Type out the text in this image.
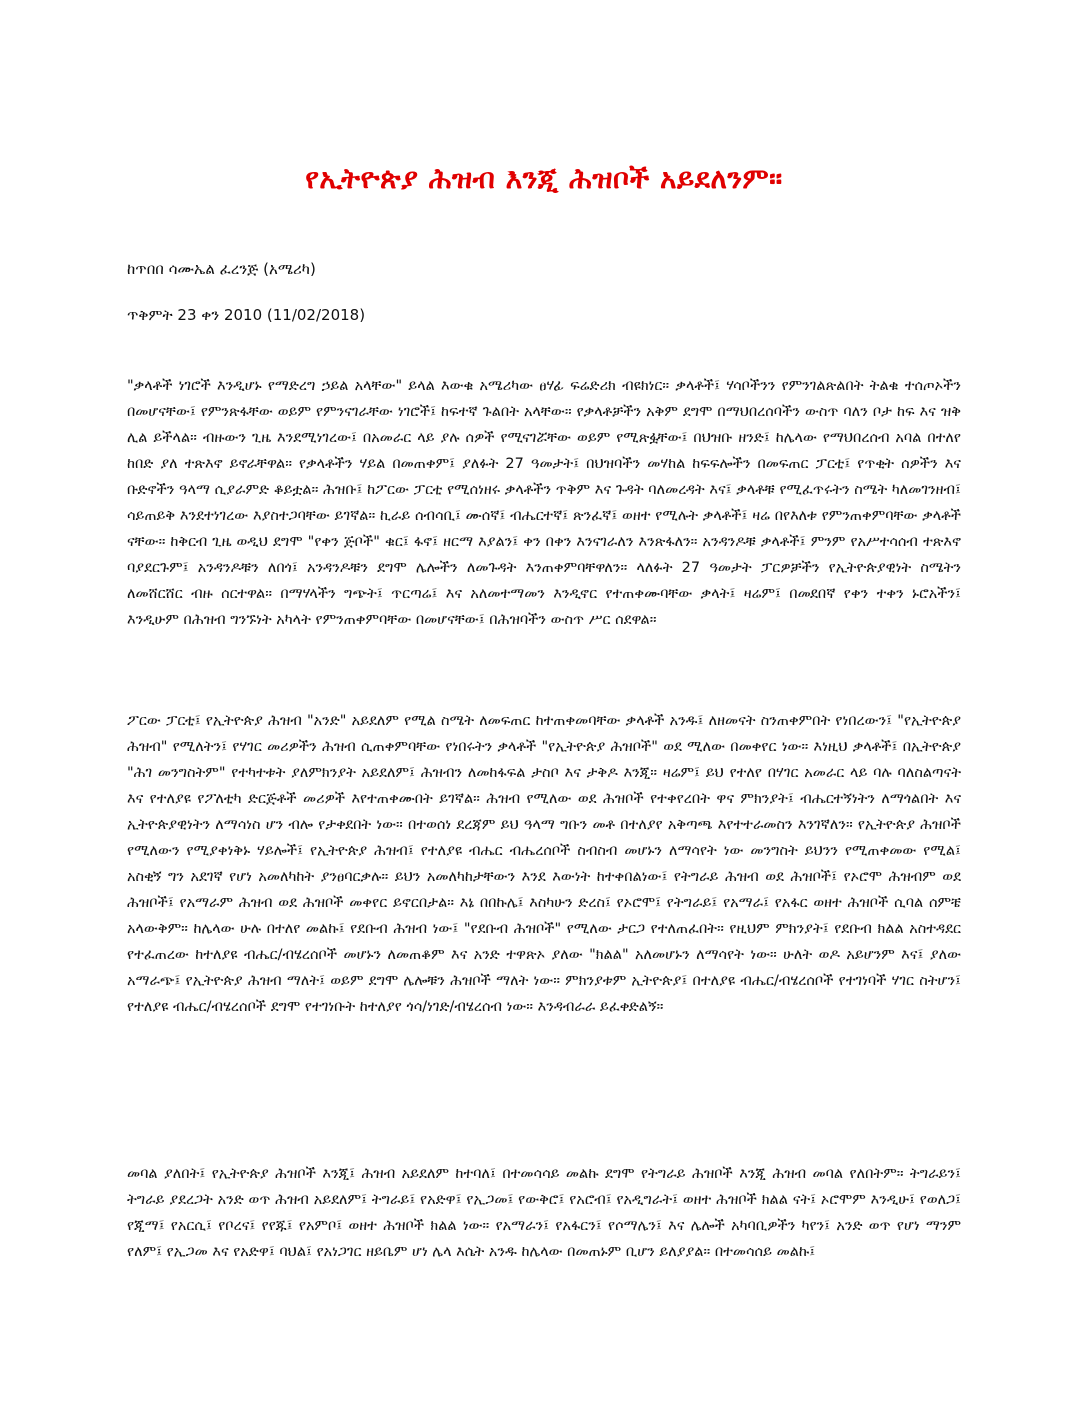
የኢትዮጵያ ሕዝብ እንጂ ሕዝቦች አይደለንም።
ከጥበበ ሳሙኤል ፈረንጅ (አሜሪካ)
ጥቅምት 23 ቀን 2010 (11/02/2018)

"ቃላቶች ነገሮች እንዲሆኑ የማድረግ ኃይል አላቸው" ይላል እውቁ አሜሪካው ፀሃፊ ፍሬድሪክ ብዩክነር። ቃላቶች፤ ሃሳቦችንን የምንገልጽልበት ትልቁ ተሰጦኦችን በመሆናቸው፤ የምንጽፋቸው ወይም የምንናገራቸው ነገሮች፤ ከፍተኛ ጉልበት አላቸው። የቃላቶቻችን አቅም ደግሞ በማህበረሰባችን ውስጥ ባለን ቦታ ከፍ እና ዝቅ ሊል ይችላል። ብዙውን ጊዜ እንደሚነገረው፤ በአመራር ላይ ያሉ ሰዎች የሚናገሯቸው ወይም የሚጽፏቸው፤ በህዝቡ ዘንድ፤ ከሌላው የማህበረሰብ አባል በተለየ ከበድ ያለ ተጽእኖ ይኖራቸዋል። የቃላቶችን ሃይል በመጠቀም፤ ያለፉት 27 ዓመታት፤ በህዝባችን መሃከል ከፍፍሎችን በመፍጠር ፓርቲ፤ የጥቂት ሰዎችን እና ቡድኖችን ዓላማ ሲያራምድ ቆይቷል። ሕዝቡ፤ ከፖርው ፓርቲ የሚሰነዘሩ ቃላቶችን ጥቅም እና ጉዳት ባለመረዳት እና፤ ቃላቶቹ የሚፈጥሩትን ስሜት ካለመገንዘብ፤ ሳይጠይቅ እንደተነገረው እያስተጋባቸው ይገኛል። ኪራይ ሰብሳቢ፤ ሙሰኛ፤ ብሔርተኛ፤ ጽንፈኛ፤ ወዘተ የሚሉት ቃላቶች፤ ዛሬ በየእለቱ የምንጠቀምባቸው ቃላቶች ናቸው። ከቅርብ ጊዜ ወዲህ ደግሞ "የቀን ጅቦች" ቁር፤ ፋኖ፤ ዘርማ እያልን፤ ቀን በቀን እንናገራለን እንጽፋለን። አንዳንዶቹ ቃላቶች፤ ምንም የአሥተሳሰብ ተጽእኖ ባያደርጉም፤ አንዳንዶቹን ለበጎ፤ አንዳንዶቹን ደግሞ ሌሎችን ለመጉዳት እንጠቀምባቸዋለን። ላለፉት 27 ዓመታት ፓርዎቻችን የኢትዮጵያዊነት ስሜትን ለመሸርሸር ብዙ ሰርተዋል። በማሃላችን ግጭት፤ ጥርጣሬ፤ እና አለመተማመን እንዲኖር የተጠቀሙባቸው ቃላት፤ ዛሬም፤ በመደበኛ የቀን ተቀን ኑሮአችን፤ እንዲሁም በሕዝብ ግንኙነት አካላት የምንጠቀምባቸው በመሆናቸው፤ በሕዝባችን ውስጥ ሥር ሰደዋል።

ፖርው ፓርቲ፤ የኢትዮጵያ ሕዝብ "አንድ" አይደለም የሚል ስሜት ለመፍጠር ከተጠቀመባቸው ቃላቶች አንዱ፤ ለዘመናት ስንጠቀምበት የነበረውን፤ "የኢትዮጵያ ሕዝብ" የሚለትን፤ የሃገር መሪዎችን ሕዝብ ሲጠቀምባቸው የነበሩትን ቃላቶች "የኢትዮጵያ ሕዝቦች" ወደ ሚለው በመቀየር ነው። እነዚህ ቃላቶች፤ በኢትዮጵያ "ሕገ መንግስትም" የተካተቱት ያለምክንያት አይደለም፤ ሕዝብን ለመከፋፍል ታስቦ እና ታቅዶ እንጂ። ዛሬም፤ ይህ የተለየ በሃገር አመራር ላይ ባሉ ባለስልጣናት እና የተለያዩ የፖለቲካ ድርጅቶች መሪዎች እየተጠቀሙበት ይገኛል። ሕዝብ የሚለው ወደ ሕዝቦች የተቀየረበት ዋና ምክንያት፤ ብሔርተኝነትን ለማጎልበት እና ኢትዮጵያዊነትን ለማሳነስ ሆን ብሎ የታቀደበት ነው። በተወሰነ ደረጃም ይህ ዓላማ ግቡን መቶ በተለያየ አቅጣጫ እየተተራመስን እንገኛለን። የኢትዮጵያ ሕዝቦች የሚለውን የሚያቀነቅኑ ሃይሎች፤ የኢትዮጵያ ሕዝብ፤ የተለያዩ ብሔር ብሔረሰቦች ስብስብ መሆኑን ለማሳየት ነው መንግስት ይህንን የሚጠቀመው የሚል፤ አስቂኝ ግን አደገኛ የሆነ አመለካከት ያንፀባርቃሉ። ይህን አመለካከታቸውን እንደ እውነት ከተቀበልነው፤ የትግራይ ሕዝብ ወደ ሕዝቦች፤ የኦሮሞ ሕዝብም ወደ ሕዝቦች፤ የአማራም ሕዝብ ወደ ሕዝቦች መቀየር ይኖርበታል። እኔ በበኩሌ፤ እስካሁን ድረስ፤ የኦሮሞ፤ የትግራይ፤ የአማራ፤ የአፋር ወዘተ ሕዝቦች ሲባል ሰምቼ አላውቅም። ከሌላው ሁሉ በተለየ መልኩ፤ የደቡብ ሕዝብ ነው፤ "የደቡብ ሕዝቦች" የሚለው ታርጋ የተለጠፈበት። የዚህም ምክንያት፤ የደቡብ ክልል አስተዳደር የተፈጠረው ከተለያዩ ብሔር/ብሄረሰቦች መሆኑን ለመጠቆም እና አንድ ተዋጽኦ ያለው "ክልል" አለመሆኑን ለማሳየት ነው። ሁለት ወዶ አይሆንም እና፤ ያለው አማራጭ፤ የኢትዮጵያ ሕዝብ ማለት፤ ወይም ደግሞ ሌሎቹን ሕዝቦች ማለት ነው። ምክንያቱም ኢትዮጵያ፤ በተለያዩ ብሔር/ብሄረሰቦች የተገነባች ሃገር ስትሆን፤ የተለያዩ ብሔር/ብሄረሰቦች ደግሞ የተገነቡት ከተለያየ ጎሳ/ነገድ/ብሄረሰብ ነው። እንዳብራራ ይፈቀድልኝ።

መባል ያለበት፤ የኢትዮጵያ ሕዝቦች እንጂ፤ ሕዝብ አይደለም ከተባለ፤ በተመሳሳይ መልኩ ደግሞ የትግራይ ሕዝቦች እንጂ ሕዝብ መባል የለበትም። ትግራይን፤ ትግራይ ያደረጋት አንድ ወጥ ሕዝብ አይደለም፤ ትግራይ፤ የአድዋ፤ የኢጋመ፤ የውቅሮ፤ የአሮብ፤ የአዲግራት፤ ወዘተ ሕዝቦች ክልል ናት፤ ኦሮሞም እንዲሁ፤ የወለጋ፤ የጂማ፤ የአርሲ፤ የቦረና፤ የየጁ፤ የአምቦ፤ ወዘተ ሕዝቦች ክልል ነው። የአማራን፤ የአፋርን፤ የሶማሌን፤ እና ሌሎች አካባቢዎችን ካየን፤ አንድ ወጥ የሆነ ማንም የለም፤ የኢጋመ እና የአድዋ፤ ባህል፤ የአነጋገር ዘይቤም ሆነ ሌላ እሴት አንዱ ከሌላው በመጠኑም ቢሆን ይለያያል። በተመሳሰይ መልኩ፤
